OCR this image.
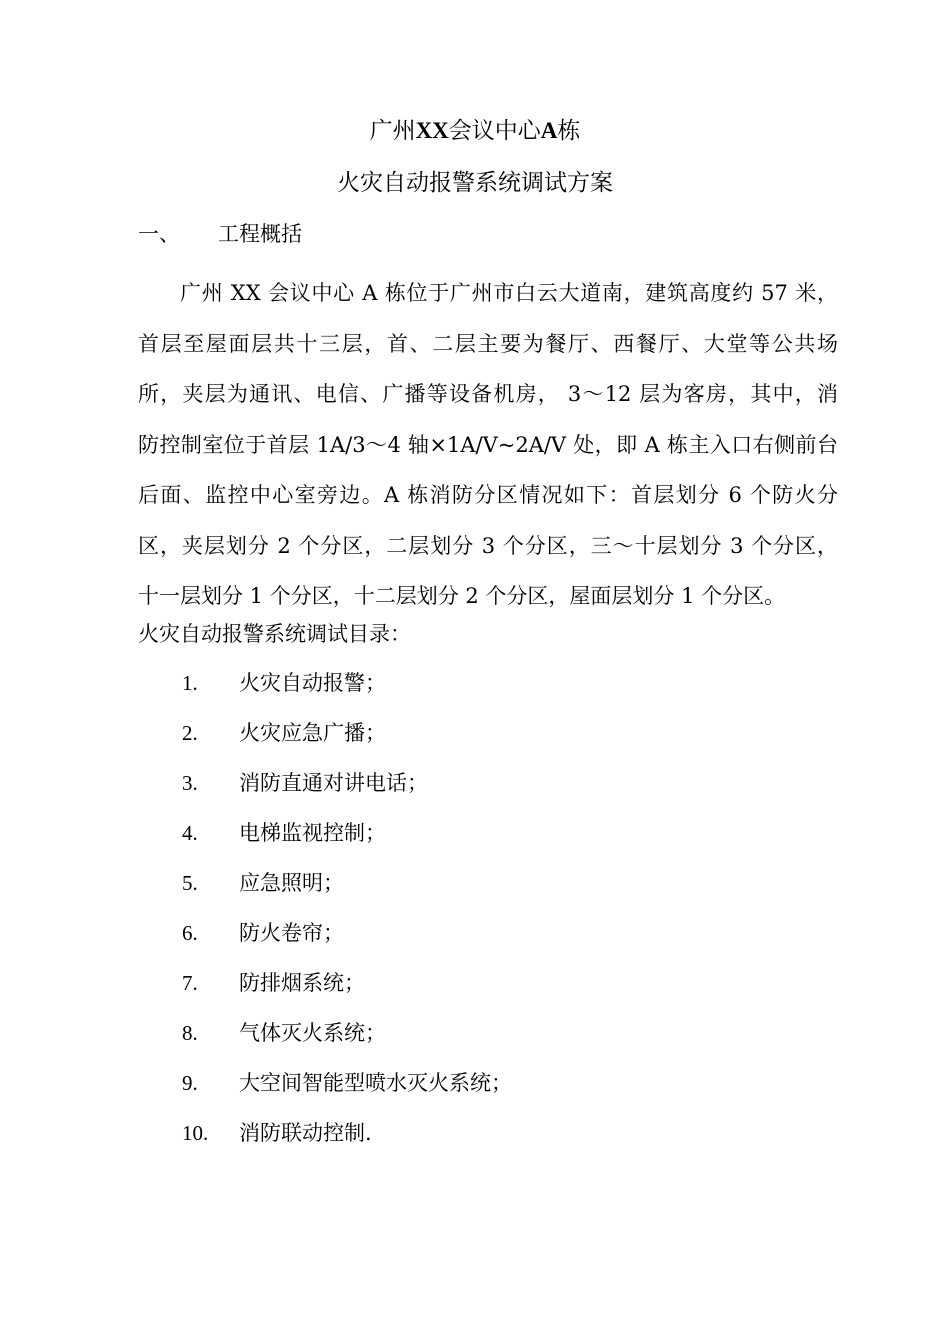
广州XX会议中心A栋
火灾自动报警系统调试方案
一、 工程概括
广州 XX 会议中心 A 栋位于广州市白云大道南，建筑高度约 57 米，
首层至屋面层共十三层，首、二层主要为餐厅、西餐厅、大堂等公共场
所，夹层为通讯、电信、广播等设备机房， 3～12 层为客房，其中，消
防控制室位于首层 1A/3～4 轴×1A/V~2A/V 处，即 A 栋主入口右侧前台
后面、监控中心室旁边。A 栋消防分区情况如下：首层划分 6 个防火分
区，夹层划分 2 个分区，二层划分 3 个分区，三～十层划分 3 个分区，
十一层划分 1 个分区，十二层划分 2 个分区，屋面层划分 1 个分区。
火灾自动报警系统调试目录：
1. 火灾自动报警；
2. 火灾应急广播；
3. 消防直通对讲电话；
4. 电梯监视控制；
5. 应急照明；
6. 防火卷帘；
7. 防排烟系统；
8. 气体灭火系统；
9. 大空间智能型喷水灭火系统；
10. 消防联动控制.
